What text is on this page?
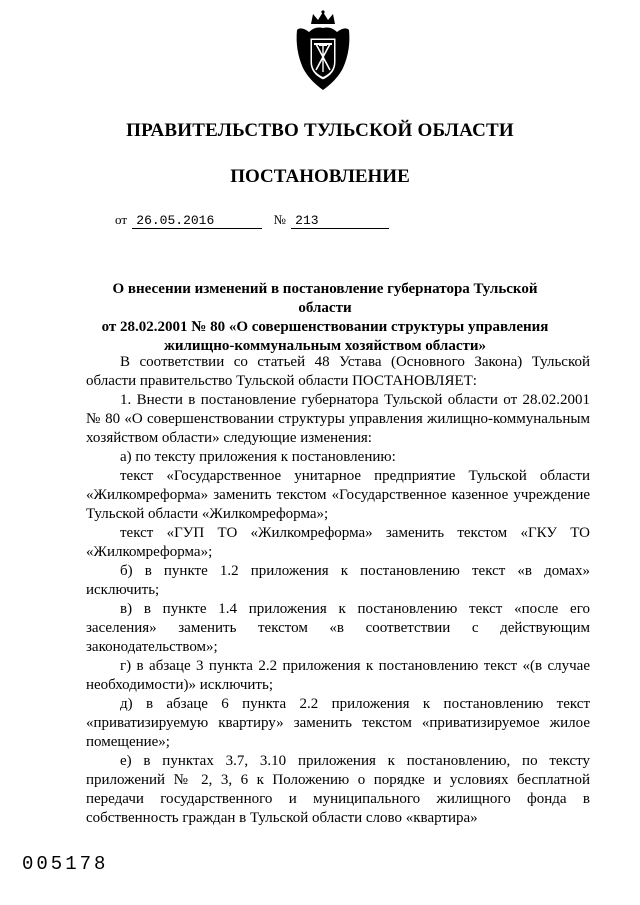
ПРАВИТЕЛЬСТВО ТУЛЬСКОЙ ОБЛАСТИ
ПОСТАНОВЛЕНИЕ
от 26.05.2016	№ 213
О внесении изменений в постановление губернатора Тульской области
от 28.02.2001 № 80 «О совершенствовании структуры управления
жилищно-коммунальным хозяйством области»

В соответствии со статьей 48 Устава (Основного Закона) Тульской области правительство Тульской области ПОСТАНОВЛЯЕТ:

1. Внести в постановление губернатора Тульской области от 28.02.2001 № 80 «О совершенствовании структуры управления жилищно-коммунальным хозяйством области» следующие изменения:

а) по тексту приложения к постановлению:

текст «Государственное унитарное предприятие Тульской области «Жилкомреформа» заменить текстом «Государственное казенное учреждение Тульской области «Жилкомреформа»;

текст «ГУП ТО «Жилкомреформа» заменить текстом «ГКУ ТО «Жилкомреформа»;

б) в пункте 1.2 приложения к постановлению текст «в домах» исключить;

в) в пункте 1.4 приложения к постановлению текст «после его заселения» заменить текстом «в соответствии с действующим законодательством»;

г) в абзаце 3 пункта 2.2 приложения к постановлению текст «(в случае необходимости)» исключить;

д) в абзаце 6 пункта 2.2 приложения к постановлению текст «приватизируемую квартиру» заменить текстом «приватизируемое жилое помещение»;

е) в пунктах 3.7, 3.10 приложения к постановлению, по тексту приложений № 2, 3, 6 к Положению о порядке и условиях бесплатной передачи государственного и муниципального жилищного фонда в собственность граждан в Тульской области слово «квартира»

005178
